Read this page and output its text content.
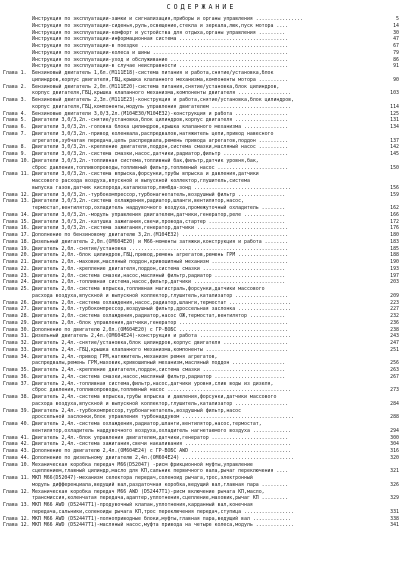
СОДЕРЖАНИЕ
Инструкция по эксплуатации-замки и сигнализация,приборы и органы управления ................	5
Инструкция по эксплуатации-сиденья,руль,освещение,стекла и зеркала,люк,пуск мотора ....	14
Инструкция по эксплуатации-комфорт и устройства для отдыха,органы управления .........	30
Инструкция по эксплуатации-информационная система .....................................	47
Инструкция по эксплуатации-в поездке ..................................................	67
Инструкция по эксплуатации-колеса и шины ..............................................	79
Инструкция по эксплуатации-уход и обслуживание ........................................	86
Инструкция по эксплуатации-в случае неисправности .....................................	91
Глава 1.	Бензиновый двигатель 1,6л.(M111E18)-система питания и работа,снятие/установка,блок
цилиндров,корпус двигателя,ГБЦ,крышка клапанного механизма,компоненты мотора ..........	90
Глава 2.	Бензиновый двигатель 2,0л.(M111E20)-система питания,снятие/установка,блок цилиндров,
корпус двигателя,ГБЦ,крышка клапанного механизма,компоненты двигателя ..................	103
Глава 3.	Бензиновый двигатель 2,3л.(M111E23)-конструкция и работа,снятие/установка,блок цилиндров,
корпус двигателя,ГБЦ,компоненты,модуль управления двигателем ...........................	114
Глава 4.	Бензиновые двигатели 3,0/3,2л.(M104E30/M104E32)-конструкция и работа ..................	125
Глава 5.	Двигатели 3,0/3,2л.-снятие/установка,блок цилиндров,корпус двигателя ..................	131
Глава 6.	Двигатели 3,0/3,2л.-головка блока цилиндров,крышка клапанного механизма ...............	134
Глава 7.	Двигатели 3,0/3,2л.-привод коленвала,распредвалов,натяжитель цепи,привод навесного
агрегатов,зубчатая передача,цепь распредвала,ремень привода агрегатов,поддон ..........	137
Глава 8.	Двигатели 3,0/3,2л.-крепление двигателя,поддон,система смазки,масляный насос ..........	142
Глава 9.	Двигатели 3,0/3,2л.-система смазки,насос,датчики,радиатор,фильтр ......................	145
Глава 10. Двигатели 3,0/3,2л.-топливная система,топливный бак,фильтр,датчик уровня,бак,
сброс давления,топливопроводы,топливный фильтр,топливный насос ........................	150
Глава 11. Двигатели 3,0/3,2л.-система впрыска,форсунки,трубы впрыска и давления,датчики
массового расхода воздуха,впускной и выпускной коллектор,глушитель,система
выпуска газов,датчик кислорода,катализатор,лямбда-зонд .................................	156
Глава 12. Двигатели 3,0/3,2л.-турбокомпрессор,турбонагнетатель,воздушный фильтр ................	159
Глава 13. Двигатели 3,0/3,2л.-система охлаждения,радиатор,шланги,вентилятор,насос,
термостат,вентилятор,охладитель наддувочного воздуха,промежуточный охладитель ........	162
Глава 14. Двигатели 3,0/3,2л.-модуль управления двигателем,датчики,генератор,реле ..............	166
Глава 15. Двигатели 3,0/3,2л.-катушка зажигания,свечи,провода,стартер ..........................	172
Глава 16. Двигатели 3,0/3,2л.-система зажигания,генератор,датчики ...............................	176
Глава 17. Дополнение по бензиновому двигателю 3,2л.(M104E32) ....................................	180
Глава 18. Дизельный двигатель 2,0л.(OM604E20) и M66-моменты затяжки,конструкция и работа ........	183
Глава 19. Двигатель 2,0л.-снятие/установка ......................................................	185
Глава 20. Двигатель 2,0л.-блок цилиндров,ГБЦ,привод,ремень агрегатов,ремень ГРМ .................	188
Глава 21. Двигатель 2,0л.-маховик,масляный поддон,кривошипный механизм ..........................	190
Глава 22. Двигатель 2,0л.-крепление двигателя,поддон,система смазки ............................	193
Глава 23. Двигатель 2,0л.-система смазки,насос,масляный фильтр,радиатор ........................	197
Глава 24. Двигатель 2,0л.-топливная система,насос,фильтр,датчики ...............................	203
Глава 25. Двигатель 2,0л.-система впрыска,топливная магистраль,форсунки,датчики массового
расхода воздуха,впускной и выпускной коллектор,глушитель,катализатор ..................	209
Глава 26. Двигатель 2,0л.-система охлаждения,насос,радиатор,шланги,термостат .....................	223
Глава 27. Двигатель 2,0л.-турбокомпрессор,воздушный фильтр,дроссельная заслонка ..................	227
Глава 28. Двигатель 2,0л.-система охлаждения,радиатор,насос ОЖ,термостат,вентилятор ............	232
Глава 29. Двигатель 2,0л.-блок управления,датчики,генератор .....................................	236
Глава 30. Дополнение по двигателю 2,0л.(OM604E20) с ГР-ВОБС .....................................	238
Глава 31. Дизельный двигатель 2,4л.(OM604E24)-конструкция и работа ...............................	243
Глава 32. Двигатель 2,4л.-снятие/установка,блок цилиндров,корпус двигателя ......................	247
Глава 33. Двигатель 2,4л.-ГБЦ,крышка клапанного механизма,компоненты ............................	251
Глава 34. Двигатель 2,4л.-привод ГРМ,натяжитель,механизм ремня агрегатов,
распредвалы,ремень ГРМ,маховик,кривошипный механизм,масляный поддон ..................	256
Глава 35. Двигатель 2,4л.-крепление двигателя,поддон,система смазки ............................	263
Глава 36. Двигатель 2,4л.-система смазки,насос,масляный фильтр,радиатор ........................	267
Глава 37. Двигатель 2,4л.-топливная система,фильтр,насос,датчики уровня,слив воды из дизеля,
сброс давления,топливопроводы,топливный насос ..........................................	273
Глава 38. Двигатель 2,4л.-система впрыска,трубы впрыска и давления,форсунки,датчики массового
расхода воздуха,впускной и выпускной коллектор,глушитель,катализатор ..................	284
Глава 39. Двигатель 2,4л.-турбокомпрессор,турбонагнетатель,воздушный фильтр,насос
дроссельной заслонки,блок управления турбонаддувом ......................................	288
Глава 40. Двигатель 2,4л.-система охлаждения,радиатор,шланги,вентилятор,насос,термостат,
вентилятор,охладитель наддувочного воздуха,охладитель нагнетаемого воздуха .............	294
Глава 41. Двигатель 2,4л.-блок управления двигателем,датчики,генератор ..........................	300
Глава 42. Двигатель 2,4л.-система зажигания,свечи накаливания ....................................	304
Глава 43. Дополнение по двигателю 2,4л.(OM604E24) с ГР-ВОБС AWD ..................................	316
Глава 44. Дополнение по дизельному двигателю 2,4л.(OM604E24) ......................................	320
Глава 10. Механическая коробка передач M66(D52047) -рисм фрикционной муфты,управление
сцеплением,главный цилиндр,масло для КП,сальник первичного вала,рычаг переключения ....	321
Глава 11. MKП M66(D52047)-механизм селектора передач,соленоид рычага,трос,электронный
модуль дифференциала,ведущий вал,раздаточная коробка,ведущий вал,главная пара .........	326
Глава 12. Механическая коробка передач M66 AWD (D52447T1)-рисм включение рычага КП,масло,
трансмиссия,коленчатая передача,адаптер,уплотнения,сцепление,маховик,рычаг КП .........	329
Глава 13. MKП M66 AWD (D52447T1)-продувочный клапан,уплотнения,карданный вал,конечная
передача,сальники,соленоиды рычага КП,трос переключения передач,ступица .................	331
Глава 12. MKП M66 AWD (D52447T1)-полноприводные блоки,муфты,главная пара,ведущий вал .............	338
Глава 12. MKП M66 AWD (D52447T1)-масляный насос,муфта привода на четыре колеса,модуль .............	341
